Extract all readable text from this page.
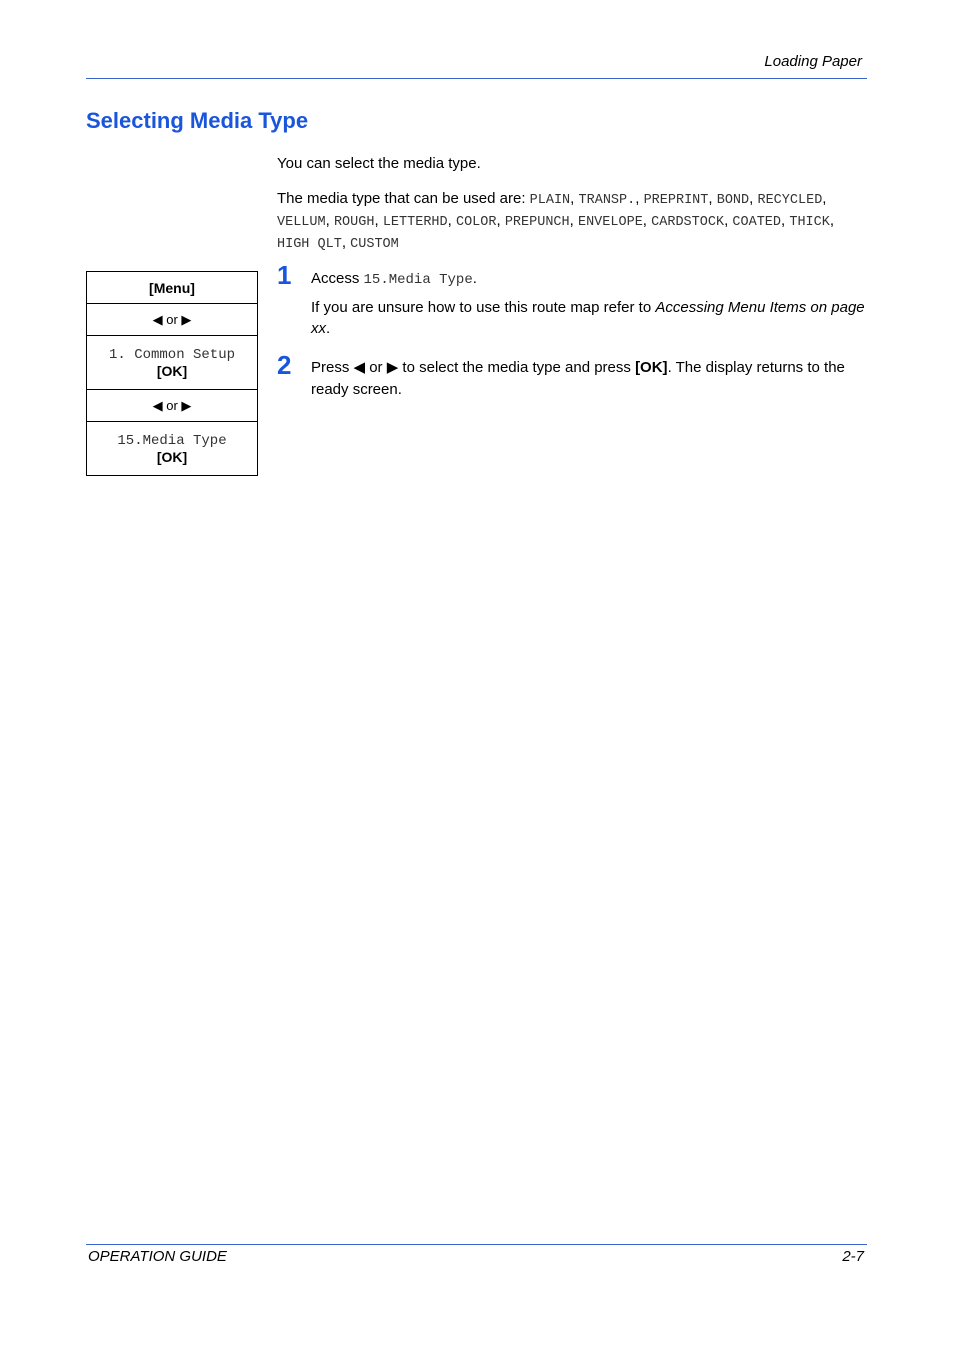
Loading Paper
Selecting Media Type

You can select the media type.

The media type that can be used are: PLAIN, TRANSP., PREPRINT, BOND, RECYCLED, VELLUM, ROUGH, LETTERHD, COLOR, PREPUNCH, ENVELOPE, CARDSTOCK, COATED, THICK, HIGH QLT, CUSTOM

[Menu]
◀ or ▶
1. Common Setup
[OK]
◀ or ▶
15.Media Type
[OK]
1 Access 15.Media Type.

If you are unsure how to use this route map refer to Accessing Menu Items on page xx.

2 Press ◀ or ▶ to select the media type and press [OK]. The display returns to the ready screen.

OPERATION GUIDE	2-7
